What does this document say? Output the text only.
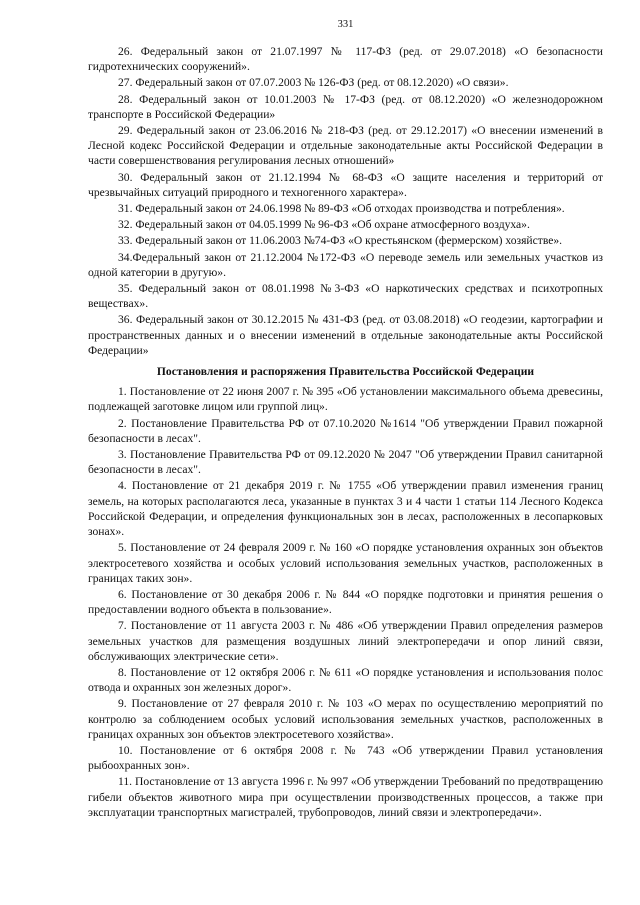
331

26. Федеральный закон от 21.07.1997 № 117-ФЗ (ред. от 29.07.2018) «О безопасности гидротехнических сооружений».

27. Федеральный закон от 07.07.2003 № 126-ФЗ (ред. от 08.12.2020) «О связи».

28. Федеральный закон от 10.01.2003 № 17-ФЗ (ред. от 08.12.2020) «О железнодорожном транспорте в Российской Федерации»

29. Федеральный закон от 23.06.2016 № 218-ФЗ (ред. от 29.12.2017) «О внесении изменений в Лесной кодекс Российской Федерации и отдельные законодательные акты Российской Федерации в части совершенствования регулирования лесных отношений»

30. Федеральный закон от 21.12.1994 № 68-ФЗ «О защите населения и территорий от чрезвычайных ситуаций природного и техногенного характера».

31. Федеральный закон от 24.06.1998 № 89-ФЗ «Об отходах производства и потребления».

32. Федеральный закон от 04.05.1999 № 96-ФЗ «Об охране атмосферного воздуха».

33. Федеральный закон от 11.06.2003 №74-ФЗ «О крестьянском (фермерском) хозяйстве».

34.Федеральный закон от 21.12.2004 №172-ФЗ «О переводе земель или земельных участков из одной категории в другую».

35. Федеральный закон от 08.01.1998 №3-ФЗ «О наркотических средствах и психотропных веществах».

36. Федеральный закон от 30.12.2015 № 431-ФЗ (ред. от 03.08.2018) «О геодезии, картографии и пространственных данных и о внесении изменений в отдельные законодательные акты Российской Федерации»

Постановления и распоряжения Правительства Российской Федерации

1. Постановление от 22 июня 2007 г. № 395 «Об установлении максимального объема древесины, подлежащей заготовке лицом или группой лиц».

2. Постановление Правительства РФ от 07.10.2020 №1614 "Об утверждении Правил пожарной безопасности в лесах".

3. Постановление Правительства РФ от 09.12.2020 № 2047 "Об утверждении Правил санитарной безопасности в лесах".

4. Постановление от 21 декабря 2019 г. № 1755 «Об утверждении правил изменения границ земель, на которых располагаются леса, указанные в пунктах 3 и 4 части 1 статьи 114 Лесного Кодекса Российской Федерации, и определения функциональных зон в лесах, расположенных в лесопарковых зонах».

5. Постановление от 24 февраля 2009 г. № 160 «О порядке установления охранных зон объектов электросетевого хозяйства и особых условий использования земельных участков, расположенных в границах таких зон».

6. Постановление от 30 декабря 2006 г. № 844 «О порядке подготовки и принятия решения о предоставлении водного объекта в пользование».

7. Постановление от 11 августа 2003 г. № 486 «Об утверждении Правил определения размеров земельных участков для размещения воздушных линий электропередачи и опор линий связи, обслуживающих электрические сети».

8. Постановление от 12 октября 2006 г. № 611 «О порядке установления и использования полос отвода и охранных зон железных дорог».

9. Постановление от 27 февраля 2010 г. № 103 «О мерах по осуществлению мероприятий по контролю за соблюдением особых условий использования земельных участков, расположенных в границах охранных зон объектов электросетевого хозяйства».

10. Постановление от 6 октября 2008 г. № 743 «Об утверждении Правил установления рыбоохранных зон».

11. Постановление от 13 августа 1996 г. № 997 «Об утверждении Требований по предотвращению гибели объектов животного мира при осуществлении производственных процессов, а также при эксплуатации транспортных магистралей, трубопроводов, линий связи и электропередачи».
